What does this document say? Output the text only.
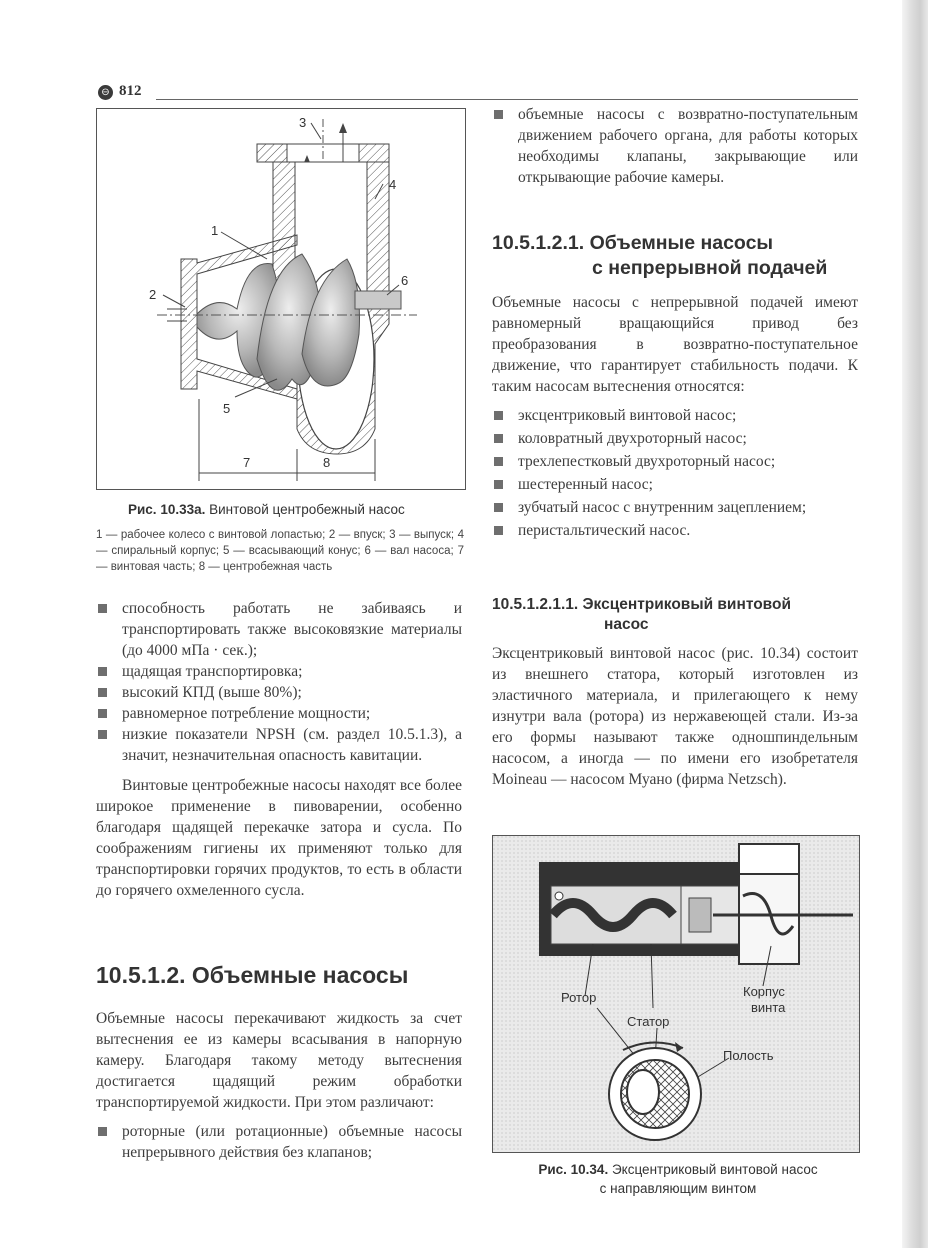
⊖ 812
1
2
3
4
5
6
7	8
Рис. 10.33а. Винтовой центробежный насос
1 — рабочее колесо с винтовой лопастью; 2 — впуск; 3 — выпуск; 4 — спиральный корпус; 5 — всасывающий конус; 6 — вал насоса; 7 — винтовая часть; 8 — центробежная часть
способность работать не забиваясь и транспортировать также высоковязкие материалы (до 4000 мПа · сек.);
щадящая транспортировка;
высокий КПД (выше 80%);
равномерное потребление мощности;
низкие показатели NPSH (см. раздел 10.5.1.3), а значит, незначительная опасность кавитации.

Винтовые центробежные насосы находят все более широкое применение в пивоварении, особенно благодаря щадящей перекачке затора и сусла. По соображениям гигиены их применяют только для транспортировки горячих продуктов, то есть в области до горячего охмеленного сусла.

10.5.1.2. Объемные насосы

Объемные насосы перекачивают жидкость за счет вытеснения ее из камеры всасывания в напорную камеру. Благодаря такому методу вытеснения достигается щадящий режим обработки транспортируемой жидкости. При этом различают:

роторные (или ротационные) объемные насосы непрерывного действия без клапанов;
объемные насосы с возвратно-поступательным движением рабочего органа, для работы которых необходимы клапаны, закрывающие или открывающие рабочие камеры.
10.5.1.2.1. Объемные насосы
с непрерывной подачей

Объемные насосы с непрерывной подачей имеют равномерный вращающийся привод без преобразования в возвратно-поступательное движение, что гарантирует стабильность подачи. К таким насосам вытеснения относятся:

эксцентриковый винтовой насос;
коловратный двухроторный насос;
трехлепестковый двухроторный насос;
шестеренный насос;
зубчатый насос с внутренним зацеплением;
перистальтический насос.
10.5.1.2.1.1. Эксцентриковый винтовой
насос

Эксцентриковый винтовой насос (рис. 10.34) состоит из внешнего статора, который изготовлен из эластичного материала, и прилегающего к нему изнутри вала (ротора) из нержавеющей стали. Из-за его формы называют также одношпиндельным насосом, а иногда — по имени его изобретателя Moineau — насосом Муано (фирма Netzsch).

Ротор
Статор
Корпус
винта
Полость
Рис. 10.34. Эксцентриковый винтовой насос
с направляющим винтом
